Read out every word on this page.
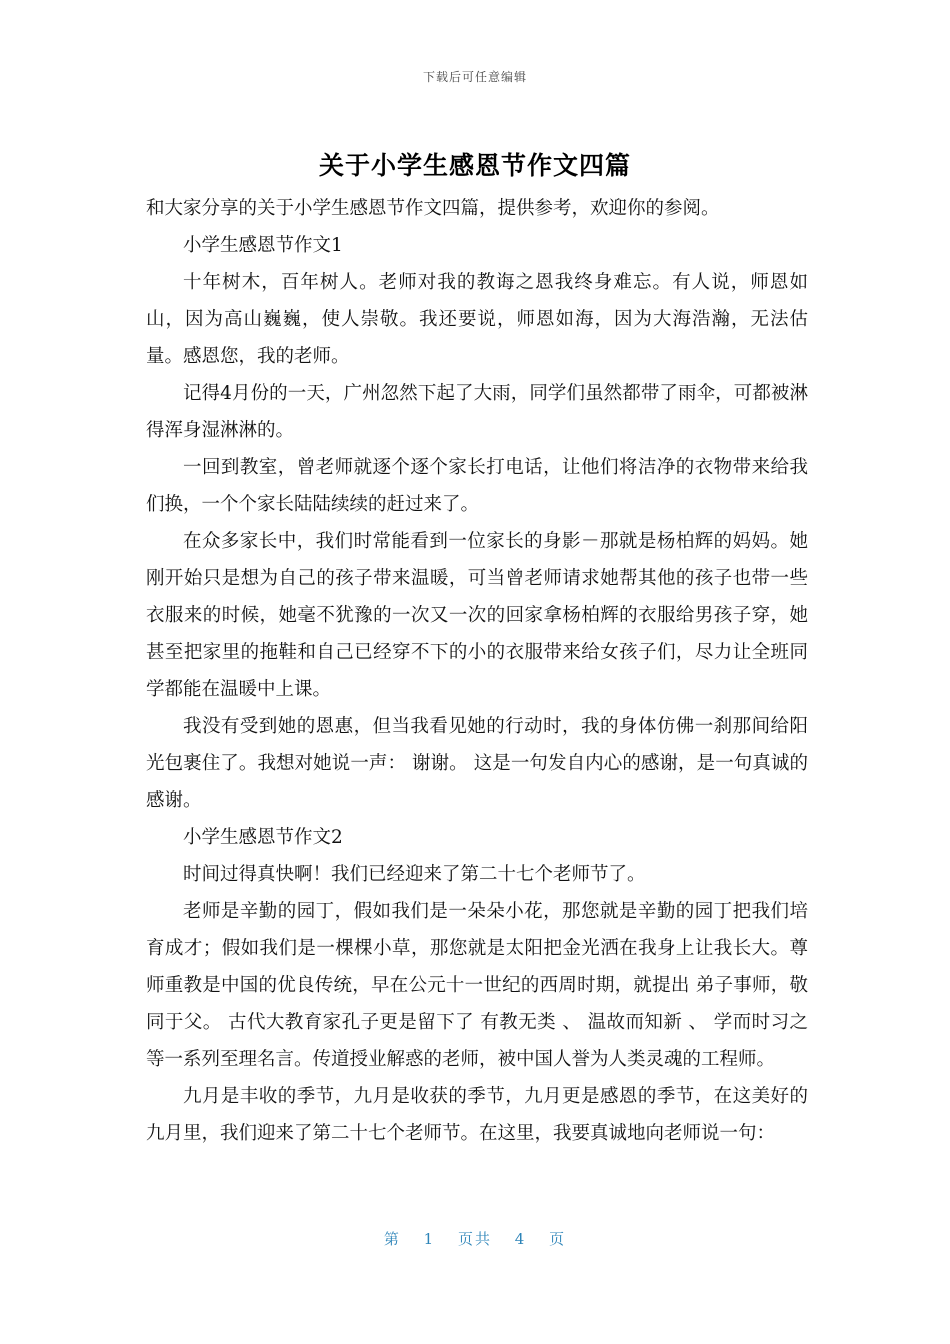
下载后可任意编辑
关于小学生感恩节作文四篇

和大家分享的关于小学生感恩节作文四篇，提供参考，欢迎你的参阅。

小学生感恩节作文1

十年树木，百年树人。老师对我的教诲之恩我终身难忘。有人说，师恩如山，因为高山巍巍，使人崇敬。我还要说，师恩如海，因为大海浩瀚，无法估量。感恩您，我的老师。

记得4月份的一天，广州忽然下起了大雨，同学们虽然都带了雨伞，可都被淋得浑身湿淋淋的。

一回到教室，曾老师就逐个逐个家长打电话，让他们将洁净的衣物带来给我们换，一个个家长陆陆续续的赶过来了。

在众多家长中，我们时常能看到一位家长的身影－那就是杨柏辉的妈妈。她刚开始只是想为自己的孩子带来温暖，可当曾老师请求她帮其他的孩子也带一些衣服来的时候，她毫不犹豫的一次又一次的回家拿杨柏辉的衣服给男孩子穿，她甚至把家里的拖鞋和自己已经穿不下的小的衣服带来给女孩子们，尽力让全班同学都能在温暖中上课。

我没有受到她的恩惠，但当我看见她的行动时，我的身体仿佛一刹那间给阳光包裹住了。我想对她说一声： 谢谢。 这是一句发自内心的感谢，是一句真诚的感谢。

小学生感恩节作文2

时间过得真快啊！我们已经迎来了第二十七个老师节了。

老师是辛勤的园丁，假如我们是一朵朵小花，那您就是辛勤的园丁把我们培育成才；假如我们是一棵棵小草，那您就是太阳把金光洒在我身上让我长大。尊师重教是中国的优良传统，早在公元十一世纪的西周时期，就提出 弟子事师，敬同于父。 古代大教育家孔子更是留下了 有教无类 、 温故而知新 、 学而时习之 等一系列至理名言。传道授业解惑的老师，被中国人誉为人类灵魂的工程师。

九月是丰收的季节，九月是收获的季节，九月更是感恩的季节，在这美好的九月里，我们迎来了第二十七个老师节。在这里，我要真诚地向老师说一句：

第 1 页共 4 页
